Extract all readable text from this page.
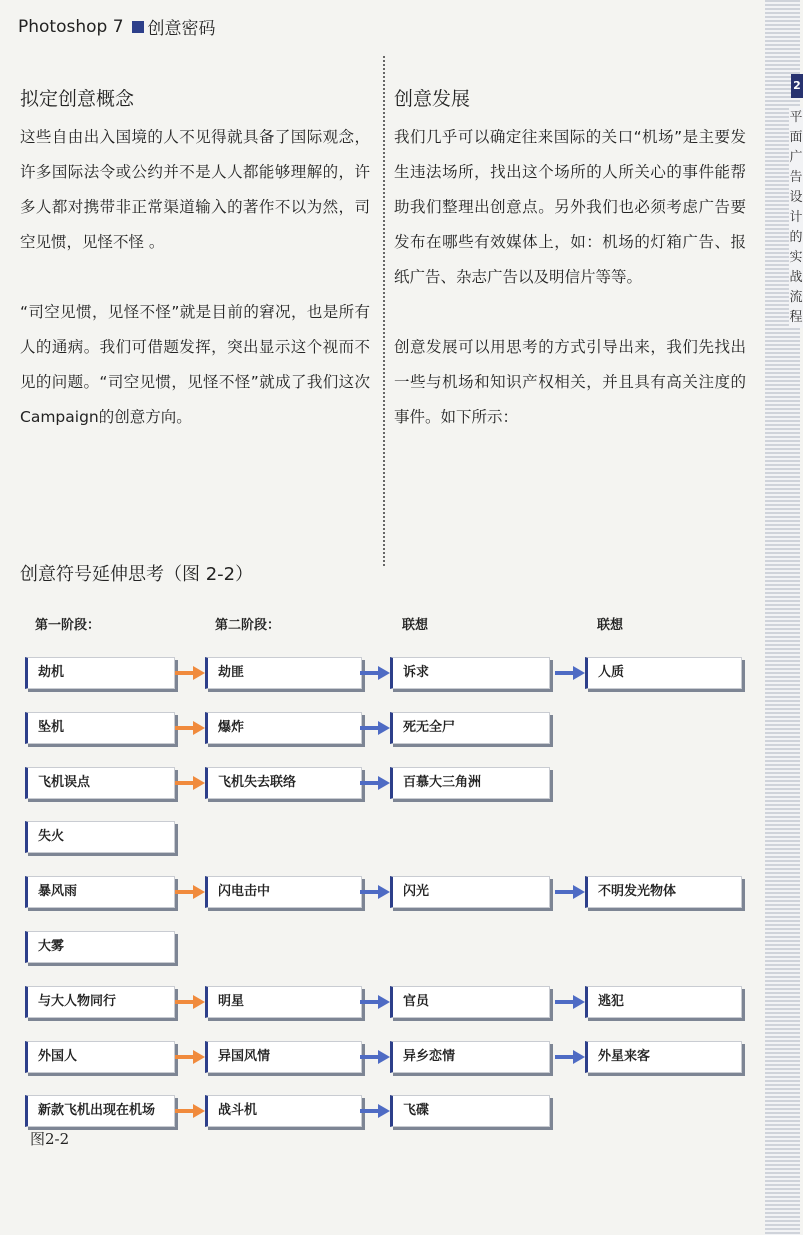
Photoshop 7 创意密码
2
平面广告设计的实战流程
拟定创意概念

这些自由出入国境的人不见得就具备了国际观念，许多国际法令或公约并不是人人都能够理解的，许多人都对携带非正常渠道输入的著作不以为然，司空见惯，见怪不怪 。

“司空见惯，见怪不怪”就是目前的窘况，也是所有人的通病。我们可借题发挥，突出显示这个视而不见的问题。“司空见惯，见怪不怪”就成了我们这次Campaign的创意方向。

创意发展

我们几乎可以确定往来国际的关口“机场”是主要发生违法场所，找出这个场所的人所关心的事件能帮助我们整理出创意点。另外我们也必须考虑广告要发布在哪些有效媒体上，如：机场的灯箱广告、报纸广告、杂志广告以及明信片等等。

创意发展可以用思考的方式引导出来，我们先找出一些与机场和知识产权相关，并且具有高关注度的事件。如下所示：

创意符号延伸思考（图 2-2）
第一阶段：	第二阶段：	联想	联想
劫机	劫匪	诉求	人质
坠机	爆炸	死无全尸
飞机误点	飞机失去联络	百慕大三角洲
失火
暴风雨	闪电击中	闪光	不明发光物体
大雾
与大人物同行	明星	官员	逃犯
外国人	异国风情	异乡恋情	外星来客
新款飞机出现在机场	战斗机	飞碟
图2-2
